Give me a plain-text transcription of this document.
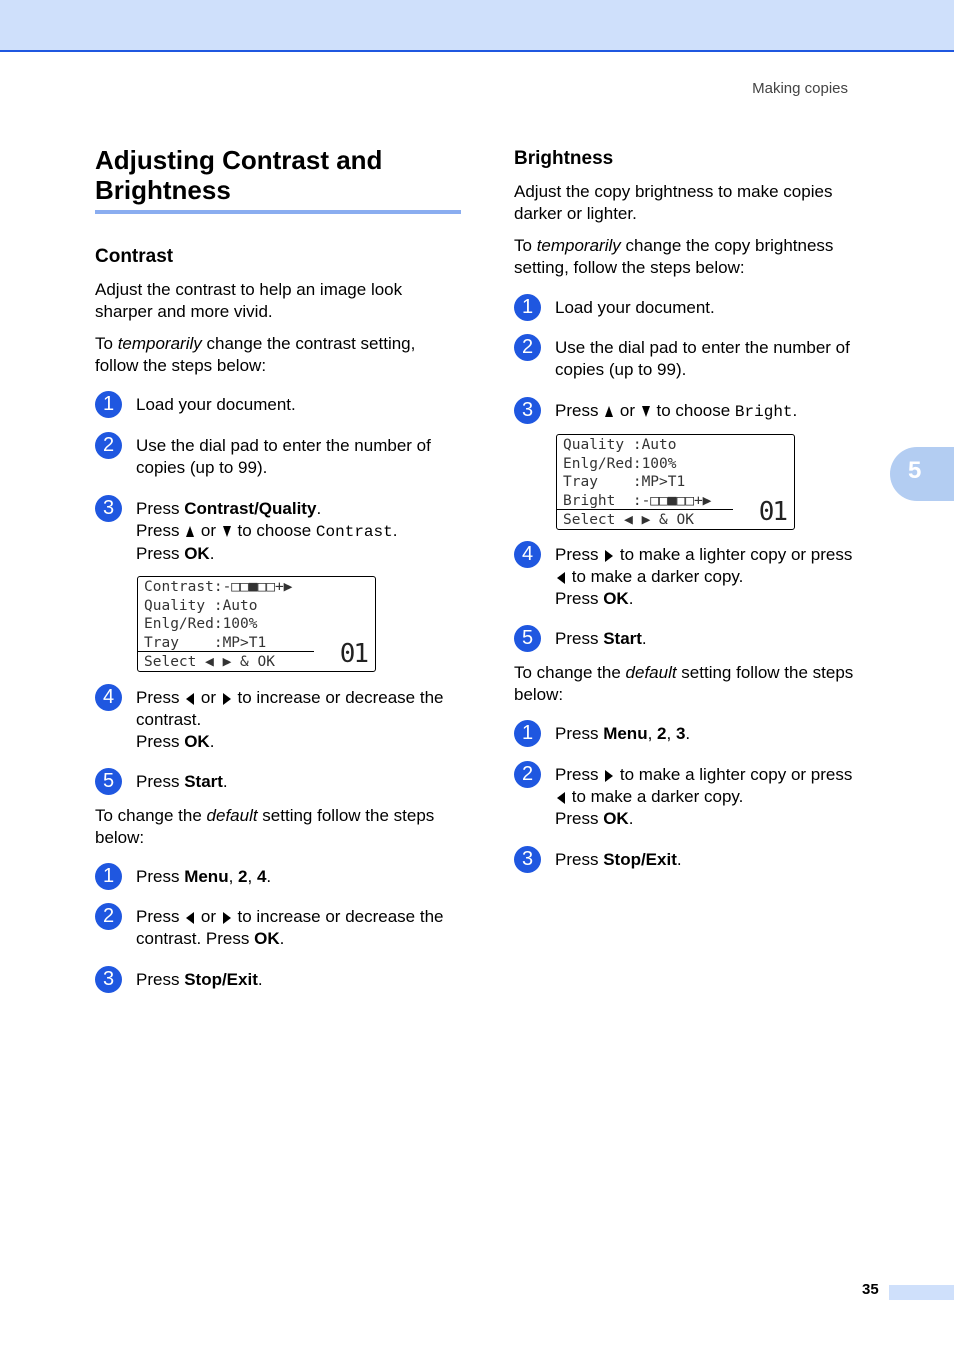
Making copies
5
Adjusting Contrast and
Brightness
Contrast
Adjust the contrast to help an image look
sharper and more vivid.
To temporarily change the contrast setting,
follow the steps below:
1	Load your document.
2	Use the dial pad to enter the number of
copies (up to 99).
3	Press Contrast/Quality.
Press  or  to choose Contrast.
Press OK.
Contrast:-□□■□□+▶
Quality :Auto
Enlg/Red:100%
Tray    :MP>T1
Select ◀ ▶ & OK	01
4	Press  or  to increase or decrease the
contrast.
Press OK.
5	Press Start.
To change the default setting follow the steps
below:
1	Press Menu, 2, 4.
2	Press  or  to increase or decrease the
contrast. Press OK.
3	Press Stop/Exit.
Brightness
Adjust the copy brightness to make copies
darker or lighter.
To temporarily change the copy brightness
setting, follow the steps below:
1	Load your document.
2	Use the dial pad to enter the number of
copies (up to 99).
3	Press  or  to choose Bright.
Quality :Auto
Enlg/Red:100%
Tray    :MP>T1
Bright  :-□□■□□+▶
Select ◀ ▶ & OK	01
4	Press  to make a lighter copy or press
to make a darker copy.
Press OK.
5	Press Start.
To change the default setting follow the steps
below:
1	Press Menu, 2, 3.
2	Press  to make a lighter copy or press
to make a darker copy.
Press OK.
3	Press Stop/Exit.
35
